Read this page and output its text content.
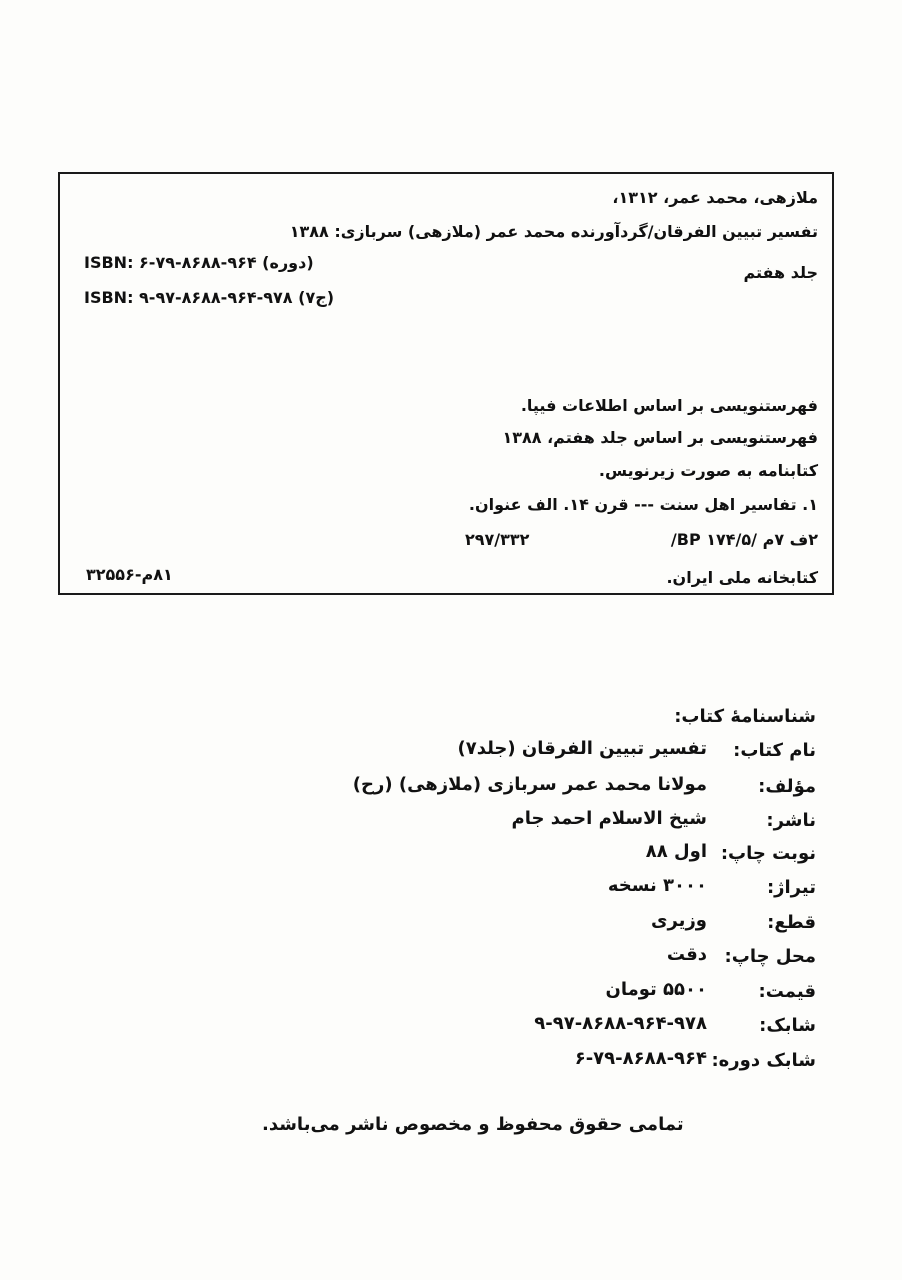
ملازهی، محمد عمر، ۱۳۱۲،
تفسیر تبیین الفرقان/گردآورنده محمد عمر (ملازهی) سربازی: ۱۳۸۸
جلد هفتم
ISBN: ۶-۷۹-۸۶۸۸-۹۶۴ (دوره)
ISBN: ۹-۹۷-۸۶۸۸-۹۶۴-۹۷۸ (ج۷)
فهرستنویسی بر اساس اطلاعات فیپا.
فهرستنویسی بر اساس جلد هفتم، ۱۳۸۸
کتابنامه به صورت زیرنویس.
۱. تفاسیر اهل سنت --- قرن ۱۴. الف عنوان.
۲ف ۷م /BP ۱۷۴/۵/
۲۹۷/۳۳۲
کتابخانه ملی ایران.
۸۱م-۳۲۵۵۶
شناسنامهٔ کتاب:
نام کتاب:
تفسیر تبیین الفرقان (جلد۷)
مؤلف:
مولانا محمد عمر سربازی (ملازهی) (رح)
ناشر:
شیخ الاسلام احمد جام
نوبت چاپ:
اول ۸۸
تیراژ:
۳۰۰۰ نسخه
قطع:
وزیری
محل چاپ:
دقت
قیمت:
۵۵۰۰ تومان
شابک:
۹-۹۷-۸۶۸۸-۹۶۴-۹۷۸
شابک دوره:
۶-۷۹-۸۶۸۸-۹۶۴
تمامی حقوق محفوظ و مخصوص ناشر می‌باشد.
